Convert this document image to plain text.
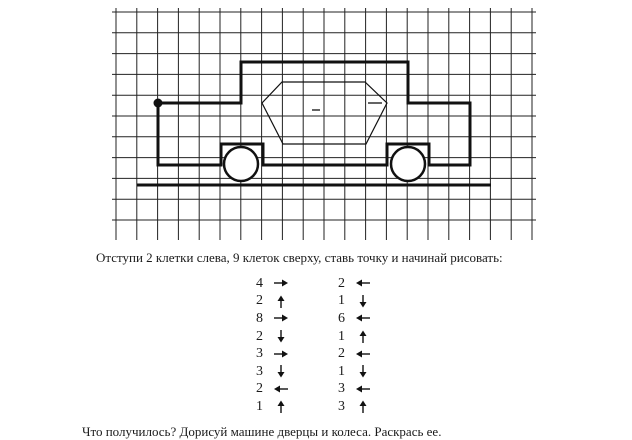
Отступи 2 клетки слева, 9 клеток сверху, ставь точку и начинай рисовать:
4
2
8
2
3
3
2
1
2
1
6
1
2
1
3
3
Что получилось? Дорисуй машине дверцы и колеса. Раскрась ее.
